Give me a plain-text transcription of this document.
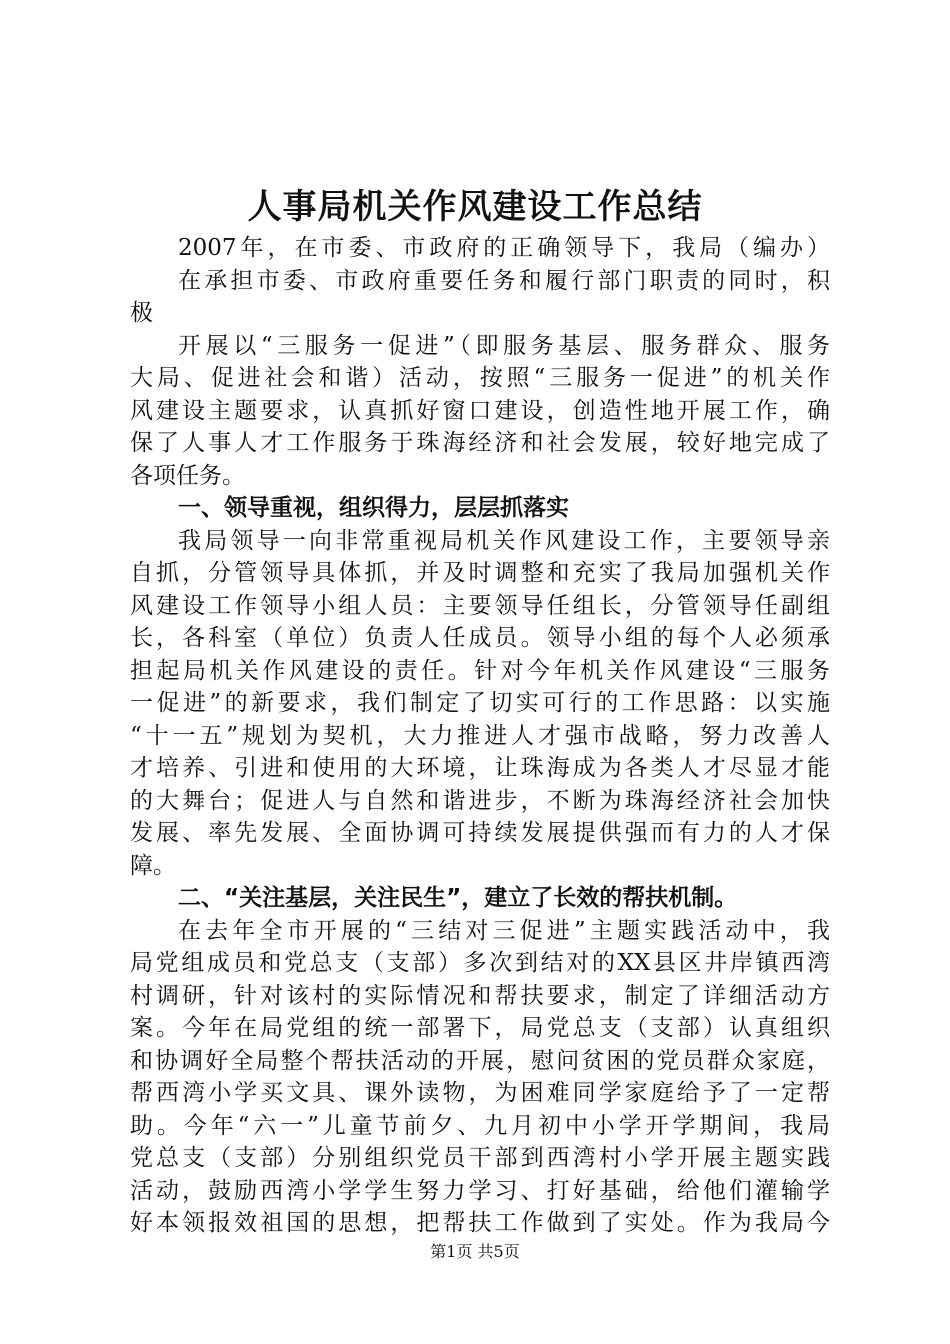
人事局机关作风建设工作总结
2007年，在市委、市政府的正确领导下，我局（编办）
在承担市委、市政府重要任务和履行部门职责的同时，积
极
开展以“三服务一促进”（即服务基层、服务群众、服务
大局、促进社会和谐）活动，按照“三服务一促进”的机关作
风建设主题要求，认真抓好窗口建设，创造性地开展工作，确
保了人事人才工作服务于珠海经济和社会发展，较好地完成了
各项任务。
一、领导重视，组织得力，层层抓落实
我局领导一向非常重视局机关作风建设工作，主要领导亲
自抓，分管领导具体抓，并及时调整和充实了我局加强机关作
风建设工作领导小组人员：主要领导任组长，分管领导任副组
长，各科室（单位）负责人任成员。领导小组的每个人必须承
担起局机关作风建设的责任。针对今年机关作风建设“三服务
一促进”的新要求，我们制定了切实可行的工作思路：以实施
“十一五”规划为契机，大力推进人才强市战略，努力改善人
才培养、引进和使用的大环境，让珠海成为各类人才尽显才能
的大舞台；促进人与自然和谐进步，不断为珠海经济社会加快
发展、率先发展、全面协调可持续发展提供强而有力的人才保
障。
二、“关注基层，关注民生”，建立了长效的帮扶机制。
在去年全市开展的“三结对三促进”主题实践活动中，我
局党组成员和党总支（支部）多次到结对的XX县区井岸镇西湾
村调研，针对该村的实际情况和帮扶要求，制定了详细活动方
案。今年在局党组的统一部署下，局党总支（支部）认真组织
和协调好全局整个帮扶活动的开展，慰问贫困的党员群众家庭，
帮西湾小学买文具、课外读物，为困难同学家庭给予了一定帮
助。今年“六一”儿童节前夕、九月初中小学开学期间，我局
党总支（支部）分别组织党员干部到西湾村小学开展主题实践
活动，鼓励西湾小学学生努力学习、打好基础，给他们灌输学
好本领报效祖国的思想，把帮扶工作做到了实处。作为我局今
第1页 共5页
